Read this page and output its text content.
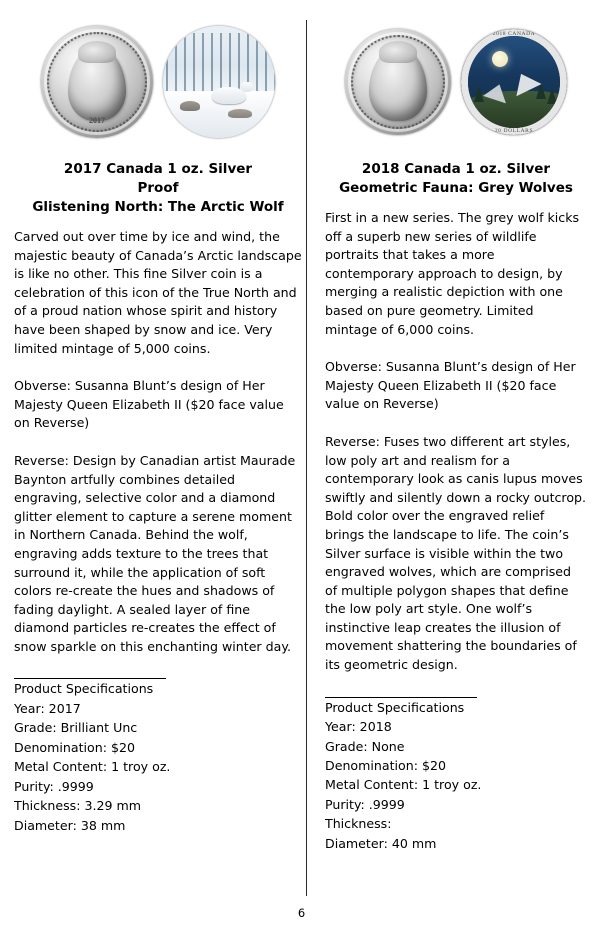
2017
2017 Canada 1 oz. Silver
Proof
Glistening North: The Arctic Wolf

Carved out over time by ice and wind, the majestic beauty of Canada’s Arctic landscape is like no other. This fine Silver coin is a celebration of this icon of the True North and of a proud nation whose spirit and history have been shaped by snow and ice. Very limited mintage of 5,000 coins.

Obverse: Susanna Blunt’s design of Her Majesty Queen Elizabeth II ($20 face value on Reverse)

Reverse: Design by Canadian artist Maurade Baynton artfully combines detailed engraving, selective color and a diamond glitter element to capture a serene moment in Northern Canada. Behind the wolf, engraving adds texture to the trees that surround it, while the application of soft colors re-create the hues and shadows of fading daylight. A sealed layer of fine diamond particles re-creates the effect of snow sparkle on this enchanting winter day.

Product Specifications
Year: 2017
Grade: Brilliant Unc
Denomination: $20
Metal Content: 1 troy oz.
Purity: .9999
Thickness: 3.29 mm
Diameter: 38 mm
2018 CANADA
20 DOLLARS
2018 Canada 1 oz. Silver
Geometric Fauna: Grey Wolves

First in a new series. The grey wolf kicks off a superb new series of wildlife portraits that takes a more contemporary approach to design, by merging a realistic depiction with one based on pure geometry. Limited mintage of 6,000 coins.

Obverse: Susanna Blunt’s design of Her Majesty Queen Elizabeth II ($20 face value on Reverse)

Reverse: Fuses two different art styles, low poly art and realism for a contemporary look as canis lupus moves swiftly and silently down a rocky outcrop. Bold color over the engraved relief brings the landscape to life. The coin’s Silver surface is visible within the two engraved wolves, which are comprised of multiple polygon shapes that define the low poly art style. One wolf’s instinctive leap creates the illusion of movement shattering the boundaries of its geometric design.

Product Specifications
Year: 2018
Grade: None
Denomination: $20
Metal Content: 1 troy oz.
Purity: .9999
Thickness:
Diameter: 40 mm
6
